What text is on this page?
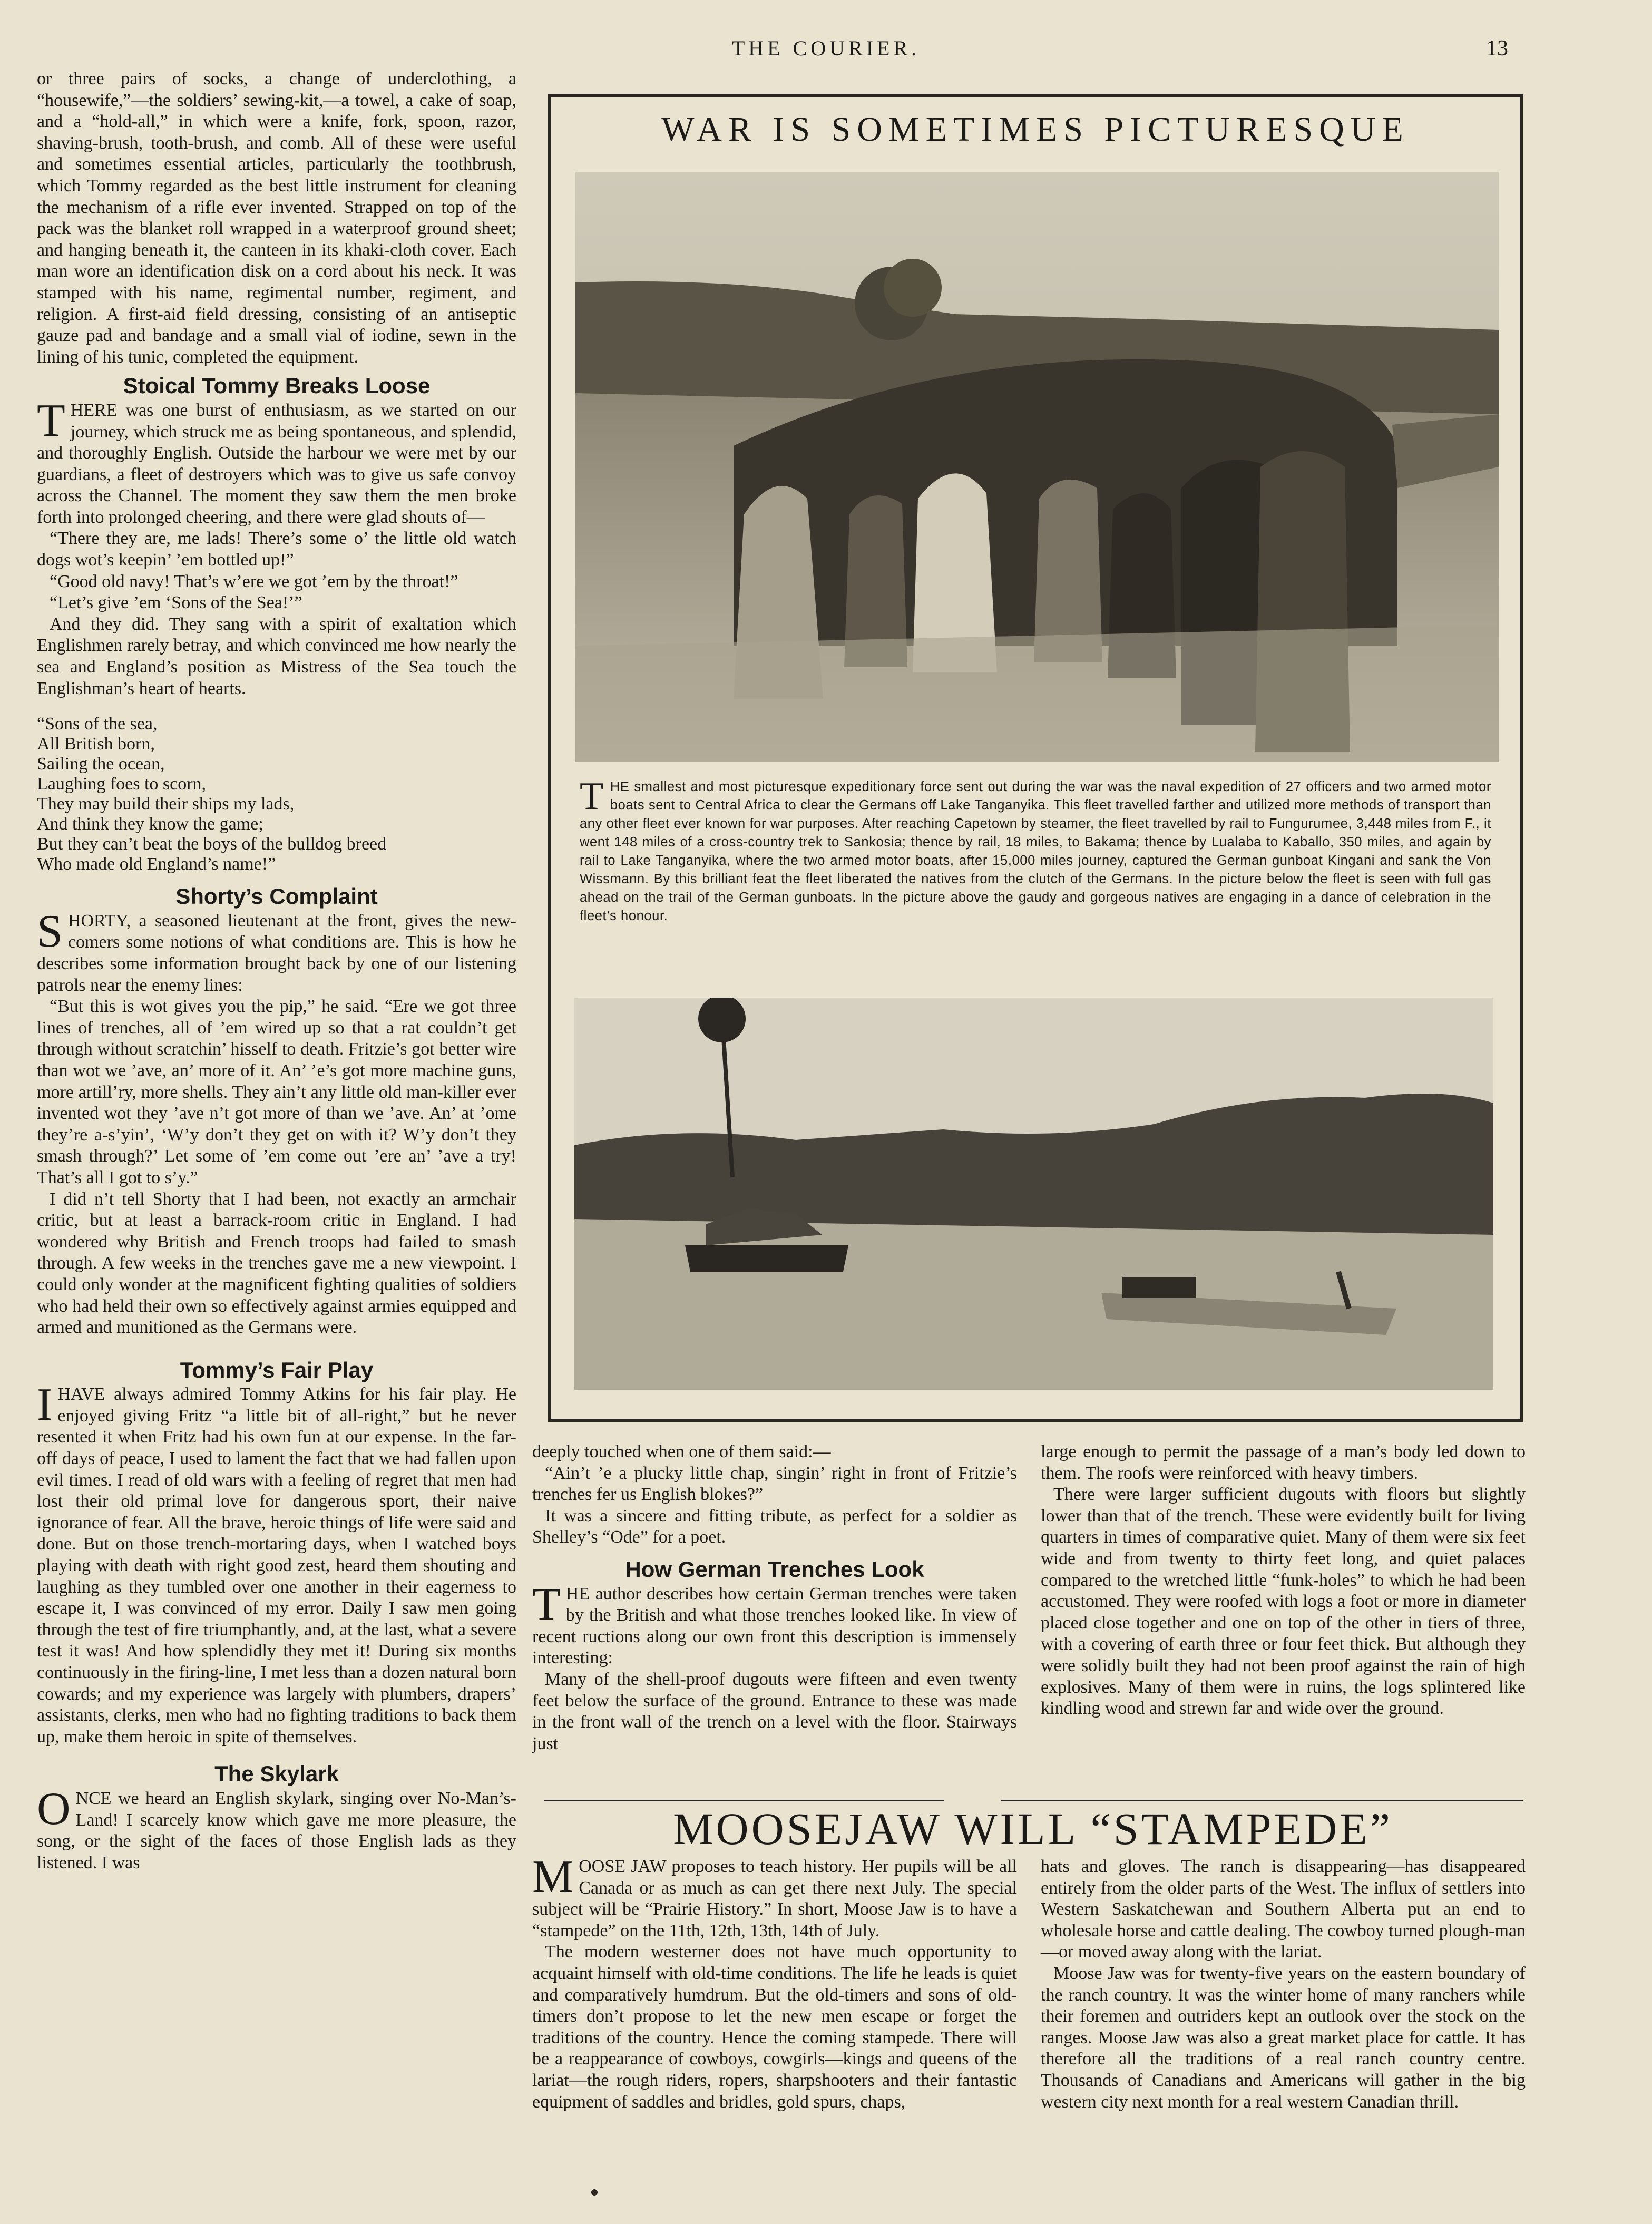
THE COURIER.	13

or three pairs of socks, a change of underclothing, a “housewife,”—the soldiers’ sewing-kit,—a towel, a cake of soap, and a “hold-all,” in which were a knife, fork, spoon, razor, shaving-brush, tooth-brush, and comb. All of these were useful and sometimes essential articles, particularly the toothbrush, which Tommy regarded as the best little instrument for cleaning the mechanism of a rifle ever invented. Strapped on top of the pack was the blanket roll wrapped in a waterproof ground sheet; and hanging beneath it, the canteen in its khaki-cloth cover. Each man wore an identification disk on a cord about his neck. It was stamped with his name, regimental number, regiment, and religion. A first-aid field dressing, consisting of an antiseptic gauze pad and bandage and a small vial of iodine, sewn in the lining of his tunic, completed the equipment.

Stoical Tommy Breaks Loose

THERE was one burst of enthusiasm, as we started on our journey, which struck me as being spontaneous, and splendid, and thoroughly English. Outside the harbour we were met by our guardians, a fleet of destroyers which was to give us safe convoy across the Channel. The moment they saw them the men broke forth into prolonged cheering, and there were glad shouts of—

“There they are, me lads! There’s some o’ the little old watch dogs wot’s keepin’ ’em bottled up!”

“Good old navy! That’s w’ere we got ’em by the throat!”

“Let’s give ’em ‘Sons of the Sea!’”

And they did. They sang with a spirit of exaltation which Englishmen rarely betray, and which convinced me how nearly the sea and England’s position as Mistress of the Sea touch the Englishman’s heart of hearts.

“Sons of the sea,
All British born,
Sailing the ocean,
Laughing foes to scorn,
They may build their ships my lads,
And think they know the game;
But they can’t beat the boys of the bulldog breed
Who made old England’s name!”
Shorty’s Complaint

SHORTY, a seasoned lieutenant at the front, gives the new-comers some notions of what conditions are. This is how he describes some information brought back by one of our listening patrols near the enemy lines:

“But this is wot gives you the pip,” he said. “Ere we got three lines of trenches, all of ’em wired up so that a rat couldn’t get through without scratchin’ hisself to death. Fritzie’s got better wire than wot we ’ave, an’ more of it. An’ ’e’s got more machine guns, more artill’ry, more shells. They ain’t any little old man-killer ever invented wot they ’ave n’t got more of than we ’ave. An’ at ’ome they’re a-s’yin’, ‘W’y don’t they get on with it? W’y don’t they smash through?’ Let some of ’em come out ’ere an’ ’ave a try! That’s all I got to s’y.”

I did n’t tell Shorty that I had been, not exactly an armchair critic, but at least a barrack-room critic in England. I had wondered why British and French troops had failed to smash through. A few weeks in the trenches gave me a new viewpoint. I could only wonder at the magnificent fighting qualities of soldiers who had held their own so effectively against armies equipped and armed and munitioned as the Germans were.

Tommy’s Fair Play

IHAVE always admired Tommy Atkins for his fair play. He enjoyed giving Fritz “a little bit of all-right,” but he never resented it when Fritz had his own fun at our expense. In the far-off days of peace, I used to lament the fact that we had fallen upon evil times. I read of old wars with a feeling of regret that men had lost their old primal love for dangerous sport, their naive ignorance of fear. All the brave, heroic things of life were said and done. But on those trench-mortaring days, when I watched boys playing with death with right good zest, heard them shouting and laughing as they tumbled over one another in their eagerness to escape it, I was convinced of my error. Daily I saw men going through the test of fire triumphantly, and, at the last, what a severe test it was! And how splendidly they met it! During six months continuously in the firing-line, I met less than a dozen natural born cowards; and my experience was largely with plumbers, drapers’ assistants, clerks, men who had no fighting traditions to back them up, make them heroic in spite of themselves.

The Skylark

ONCE we heard an English skylark, singing over No-Man’s-Land! I scarcely know which gave me more pleasure, the song, or the sight of the faces of those English lads as they listened. I was

WAR IS SOMETIMES PICTURESQUE
THE smallest and most picturesque expeditionary force sent out during the war was the naval expedition of 27 officers and two armed motor boats sent to Central Africa to clear the Germans off Lake Tanganyika. This fleet travelled farther and utilized more methods of transport than any other fleet ever known for war purposes. After reaching Capetown by steamer, the fleet travelled by rail to Fungurumee, 3,448 miles from F., it went 148 miles of a cross-country trek to Sankosia; thence by rail, 18 miles, to Bakama; thence by Lualaba to Kaballo, 350 miles, and again by rail to Lake Tanganyika, where the two armed motor boats, after 15,000 miles journey, captured the German gunboat Kingani and sank the Von Wissmann. By this brilliant feat the fleet liberated the natives from the clutch of the Germans. In the picture below the fleet is seen with full gas ahead on the trail of the German gunboats. In the picture above the gaudy and gorgeous natives are engaging in a dance of celebration in the fleet’s honour.

deeply touched when one of them said:—

“Ain’t ’e a plucky little chap, singin’ right in front of Fritzie’s trenches fer us English blokes?”

It was a sincere and fitting tribute, as perfect for a soldier as Shelley’s “Ode” for a poet.

How German Trenches Look

THE author describes how certain German trenches were taken by the British and what those trenches looked like. In view of recent ructions along our own front this description is immensely interesting:

Many of the shell-proof dugouts were fifteen and even twenty feet below the surface of the ground. Entrance to these was made in the front wall of the trench on a level with the floor. Stairways just

large enough to permit the passage of a man’s body led down to them. The roofs were reinforced with heavy timbers.

There were larger sufficient dugouts with floors but slightly lower than that of the trench. These were evidently built for living quarters in times of comparative quiet. Many of them were six feet wide and from twenty to thirty feet long, and quiet palaces compared to the wretched little “funk-holes” to which he had been accustomed. They were roofed with logs a foot or more in diameter placed close together and one on top of the other in tiers of three, with a covering of earth three or four feet thick. But although they were solidly built they had not been proof against the rain of high explosives. Many of them were in ruins, the logs splintered like kindling wood and strewn far and wide over the ground.

MOOSEJAW WILL “STAMPEDE”

MOOSE JAW proposes to teach history. Her pupils will be all Canada or as much as can get there next July. The special subject will be “Prairie History.” In short, Moose Jaw is to have a “stampede” on the 11th, 12th, 13th, 14th of July.

The modern westerner does not have much opportunity to acquaint himself with old-time conditions. The life he leads is quiet and comparatively humdrum. But the old-timers and sons of old-timers don’t propose to let the new men escape or forget the traditions of the country. Hence the coming stampede. There will be a reappearance of cowboys, cowgirls—kings and queens of the lariat—the rough riders, ropers, sharpshooters and their fantastic equipment of saddles and bridles, gold spurs, chaps,

hats and gloves. The ranch is disappearing—has disappeared entirely from the older parts of the West. The influx of settlers into Western Saskatchewan and Southern Alberta put an end to wholesale horse and cattle dealing. The cowboy turned plough-man—or moved away along with the lariat.

Moose Jaw was for twenty-five years on the eastern boundary of the ranch country. It was the winter home of many ranchers while their foremen and outriders kept an outlook over the stock on the ranges. Moose Jaw was also a great market place for cattle. It has therefore all the traditions of a real ranch country centre. Thousands of Canadians and Americans will gather in the big western city next month for a real western Canadian thrill.
